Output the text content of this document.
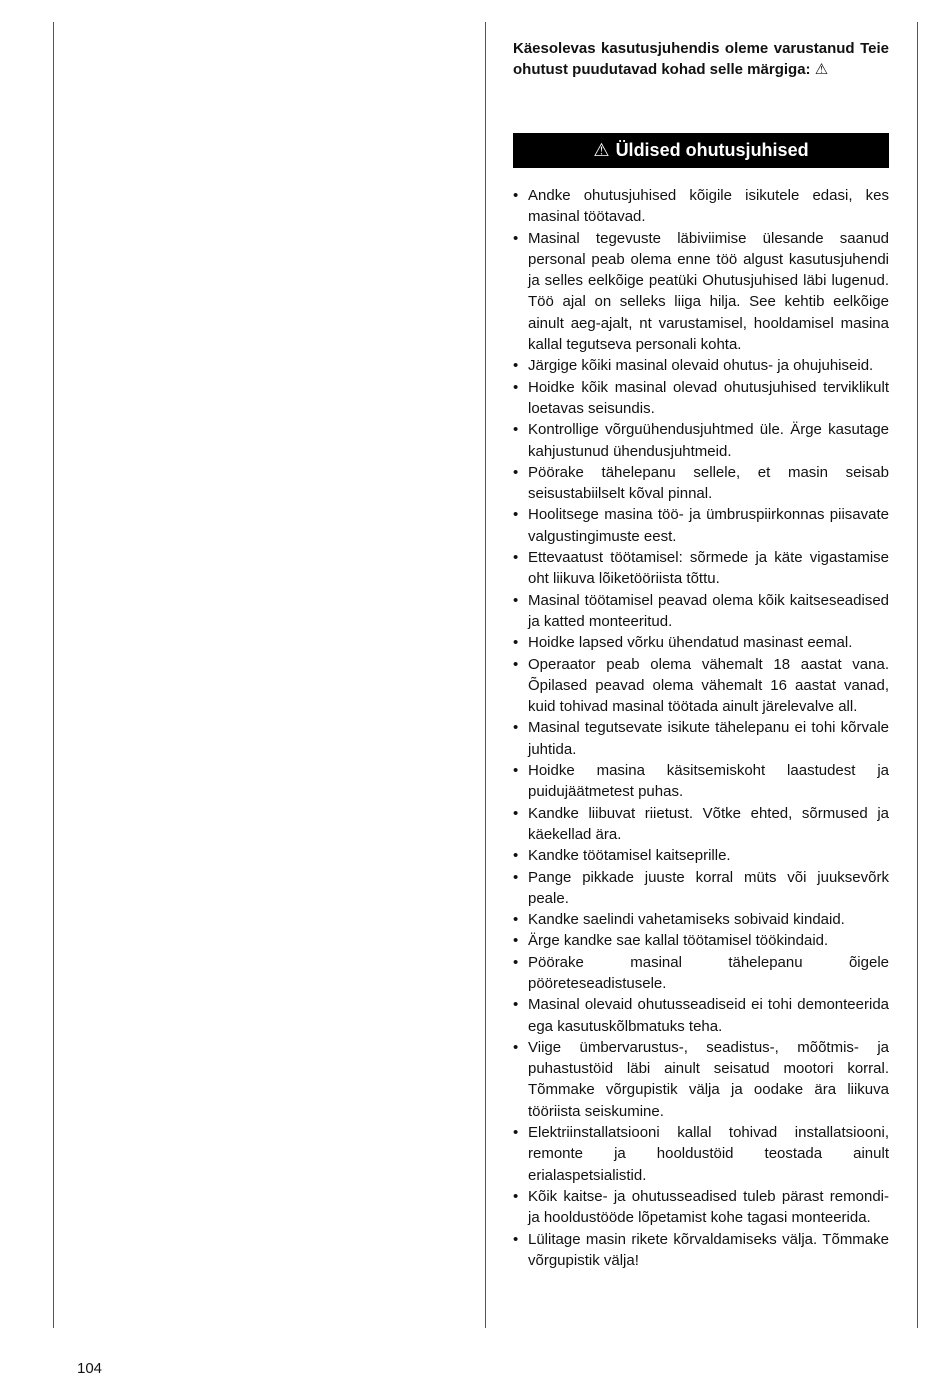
Käesolevas kasutusjuhendis oleme varustanud Teie ohutust puudutavad kohad selle märgiga: ⚠

⚠ Üldised ohutusjuhised
• Andke ohutusjuhised kõigile isikutele edasi, kes masinal töötavad.
• Masinal tegevuste läbiviimise ülesande saanud personal peab olema enne töö algust kasutusjuhendi ja selles eelkõige peatüki Ohutusjuhised läbi lugenud. Töö ajal on selleks liiga hilja. See kehtib eelkõige ainult aeg-ajalt, nt varustamisel, hooldamisel masina kallal tegutseva personali kohta.
• Järgige kõiki masinal olevaid ohutus- ja ohujuhiseid.
• Hoidke kõik masinal olevad ohutusjuhised terviklikult loetavas seisundis.
• Kontrollige võrguühendusjuhtmed üle. Ärge kasutage kahjustunud ühendusjuhtmeid.
• Pöörake tähelepanu sellele, et masin seisab seisustabiilselt kõval pinnal.
• Hoolitsege masina töö- ja ümbruspiirkonnas piisavate valgustingimuste eest.
• Ettevaatust töötamisel: sõrmede ja käte vigastamise oht liikuva lõiketööriista tõttu.
• Masinal töötamisel peavad olema kõik kaitseseadised ja katted monteeritud.
• Hoidke lapsed võrku ühendatud masinast eemal.
• Operaator peab olema vähemalt 18 aastat vana. Õpilased peavad olema vähemalt 16 aastat vanad, kuid tohivad masinal töötada ainult järelevalve all.
• Masinal tegutsevate isikute tähelepanu ei tohi kõrvale juhtida.
• Hoidke masina käsitsemiskoht laastudest ja puidujäätmetest puhas.
• Kandke liibuvat riietust. Võtke ehted, sõrmused ja käekellad ära.
• Kandke töötamisel kaitseprille.
• Pange pikkade juuste korral müts või juuksevõrk peale.
• Kandke saelindi vahetamiseks sobivaid kindaid.
• Ärge kandke sae kallal töötamisel töökindaid.
• Pöörake masinal tähelepanu õigele pööreteseadistusele.
• Masinal olevaid ohutusseadiseid ei tohi demonteerida ega kasutuskõlbmatuks teha.
• Viige ümbervarustus-, seadistus-, mõõtmis- ja puhastustöid läbi ainult seisatud mootori korral. Tõmmake võrgupistik välja ja oodake ära liikuva tööriista seiskumine.
• Elektriinstallatsiooni kallal tohivad installatsiooni, remonte ja hooldustöid teostada ainult erialaspetsialistid.
• Kõik kaitse- ja ohutusseadised tuleb pärast remondi- ja hooldustööde lõpetamist kohe tagasi monteerida.
• Lülitage masin rikete kõrvaldamiseks välja. Tõmmake võrgupistik välja!
104
